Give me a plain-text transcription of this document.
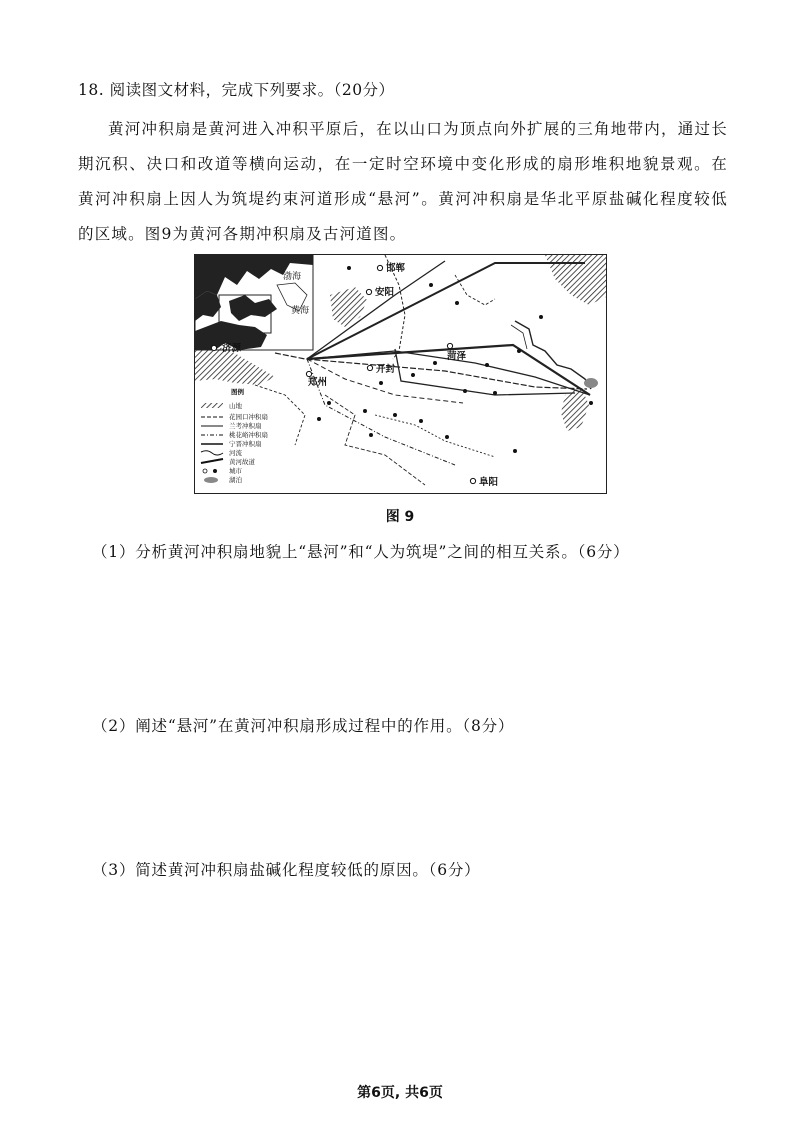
18. 阅读图文材料，完成下列要求。（20分）

黄河冲积扇是黄河进入冲积平原后，在以山口为顶点向外扩展的三角地带内，通过长期沉积、决口和改道等横向运动，在一定时空环境中变化形成的扇形堆积地貌景观。在黄河冲积扇上因人为筑堤约束河道形成“悬河”。黄河冲积扇是华北平原盐碱化程度较低的区域。图9为黄河各期冲积扇及古河道图。

渤海
黄海
邯郸
安阳
济源
郑州
开封
菏泽
阜阳
图例
山地
花园口冲积扇
兰考冲积扇
桃花峪冲积扇
宁晋冲积扇
河流
黄河故道
城市
湖泊
图 9
（1）分析黄河冲积扇地貌上“悬河”和“人为筑堤”之间的相互关系。（6分）
（2）阐述“悬河”在黄河冲积扇形成过程中的作用。（8分）
（3）简述黄河冲积扇盐碱化程度较低的原因。（6分）
第6页, 共6页
